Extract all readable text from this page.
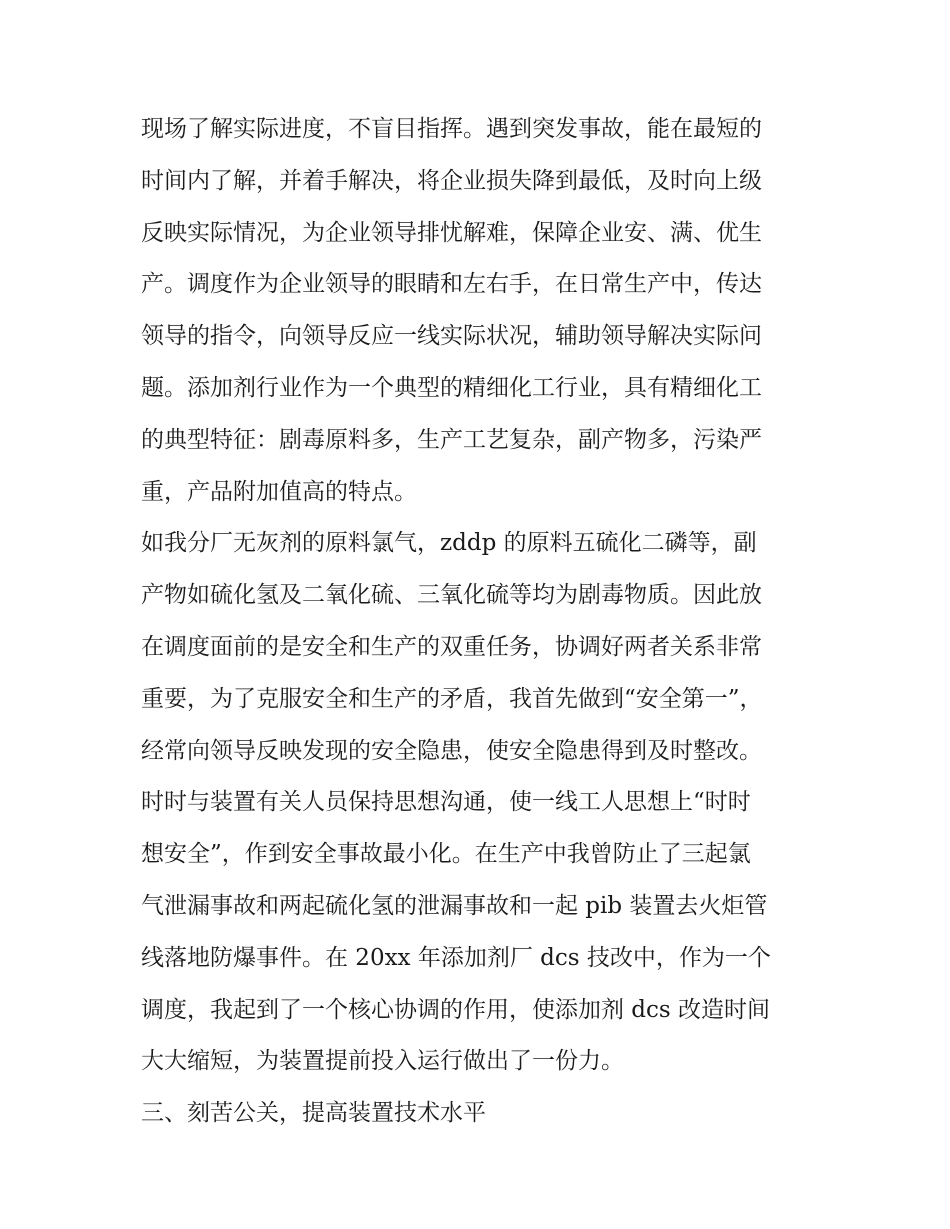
现场了解实际进度，不盲目指挥。遇到突发事故，能在最短的
时间内了解，并着手解决，将企业损失降到最低，及时向上级
反映实际情况，为企业领导排忧解难，保障企业安、满、优生
产。调度作为企业领导的眼睛和左右手，在日常生产中，传达
领导的指令，向领导反应一线实际状况，辅助领导解决实际问
题。添加剂行业作为一个典型的精细化工行业，具有精细化工
的典型特征：剧毒原料多，生产工艺复杂，副产物多，污染严
重，产品附加值高的特点。
如我分厂无灰剂的原料氯气，zddp 的原料五硫化二磷等，副
产物如硫化氢及二氧化硫、三氧化硫等均为剧毒物质。因此放
在调度面前的是安全和生产的双重任务，协调好两者关系非常
重要，为了克服安全和生产的矛盾，我首先做到“安全第一”，
经常向领导反映发现的安全隐患，使安全隐患得到及时整改。
时时与装置有关人员保持思想沟通，使一线工人思想上“时时
想安全”，作到安全事故最小化。在生产中我曾防止了三起氯
气泄漏事故和两起硫化氢的泄漏事故和一起 pib 装置去火炬管
线落地防爆事件。在 20xx 年添加剂厂 dcs 技改中，作为一个
调度，我起到了一个核心协调的作用，使添加剂 dcs 改造时间
大大缩短，为装置提前投入运行做出了一份力。
三、刻苦公关，提高装置技术水平
